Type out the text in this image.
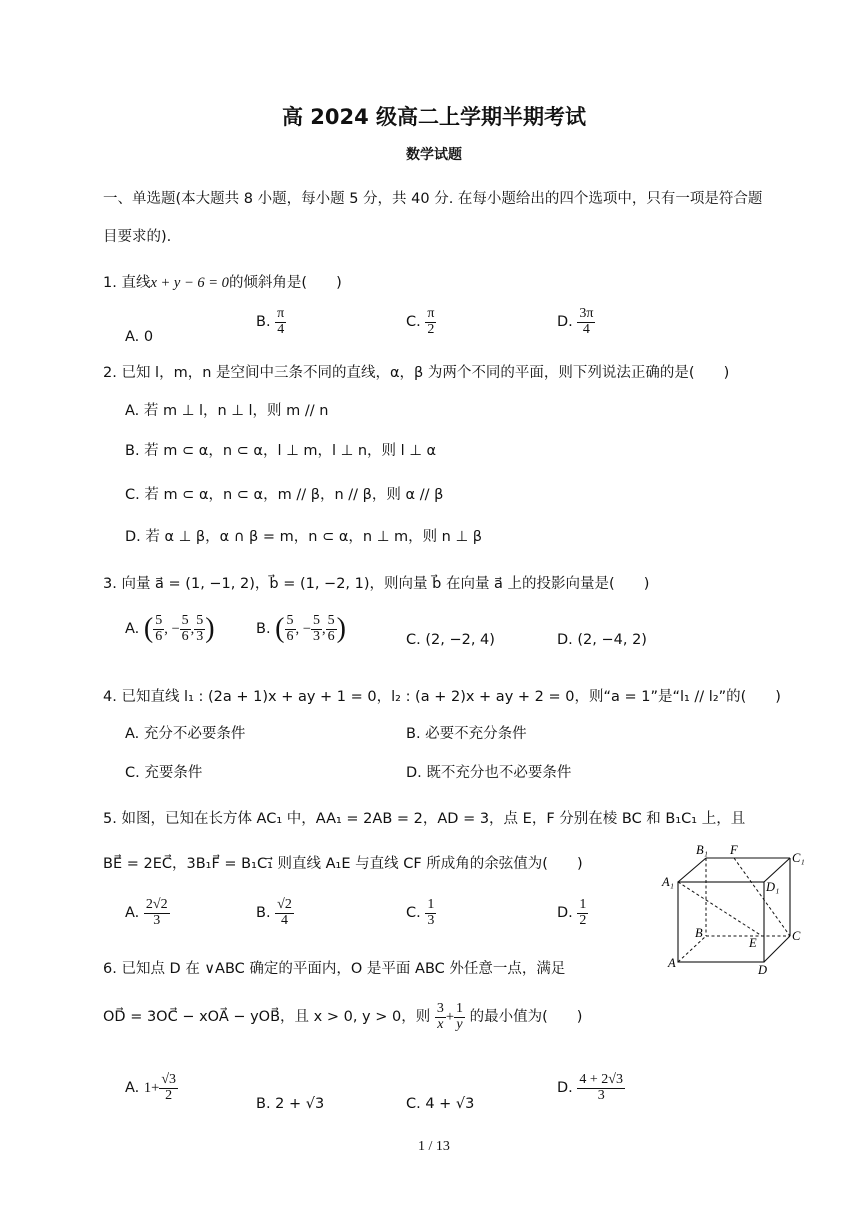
高 2024 级高二上学期半期考试
数学试题
一、单选题(本大题共 8 小题，每小题 5 分，共 40 分. 在每小题给出的四个选项中，只有一项是符合题
目要求的).
1. 直线x + y − 6 = 0的倾斜角是(　　)
A. 0
B. $\frac{\pi}{4}$	C. $\frac{\pi}{2}$	D. $\frac{3\pi}{4}$
2. 已知 l，m，n 是空间中三条不同的直线，α，β 为两个不同的平面，则下列说法正确的是(　　)
A. 若 m ⊥ l，n ⊥ l，则 m // n
B. 若 m ⊂ α，n ⊂ α，l ⊥ m，l ⊥ n，则 l ⊥ α
C. 若 m ⊂ α，n ⊂ α，m // β，n // β，则 α // β
D. 若 α ⊥ β，α ∩ β = m，n ⊂ α，n ⊥ m，则 n ⊥ β
3. 向量 a⃗ = (1, −1, 2)，b⃗ = (1, −2, 1)，则向量 b⃗ 在向量 a⃗ 上的投影向量是(　　)
A. ( $\frac{5}{6}$ , − $\frac{5}{6}$ , $\frac{5}{3}$ )	B. ( $\frac{5}{6}$ , − $\frac{5}{3}$ , $\frac{5}{6}$ )	C. (2, −2, 4)	D. (2, −4, 2)
4. 已知直线 l₁ : (2a + 1)x + ay + 1 = 0，l₂ : (a + 2)x + ay + 2 = 0，则“a = 1”是“l₁ // l₂”的(　　)
A. 充分不必要条件	B. 必要不充分条件
C. 充要条件	D. 既不充分也不必要条件
5. 如图，已知在长方体 AC₁ 中，AA₁ = 2AB = 2，AD = 3，点 E，F 分别在棱 BC 和 B₁C₁ 上，且
BE⃗ = 2EC⃗，3B₁F⃗ = B₁C₁⃗ 则直线 A₁E 与直线 CF 所成角的余弦值为(　　)
A. $\frac{2√2}{3}$	B. $\frac{√2}{4}$	C. $\frac{1}{3}$	D. $\frac{1}{2}$
B₁ F
C₁
A₁	D₁
B
E	C
A	D
6. 已知点 D 在 ∨ABC 确定的平面内，O 是平面 ABC 外任意一点，满足
OD⃗ = 3OC⃗ − xOA⃗ − yOB⃗，且 x > 0, y > 0，则 $\frac{3}{x} + \frac{1}{y}$ 的最小值为(　　)
A. $1+ \frac{√3}{2}$
B. 2 + √3	C. 4 + √3
D. $\frac{4 + 2√3}{3}$
1 / 13
